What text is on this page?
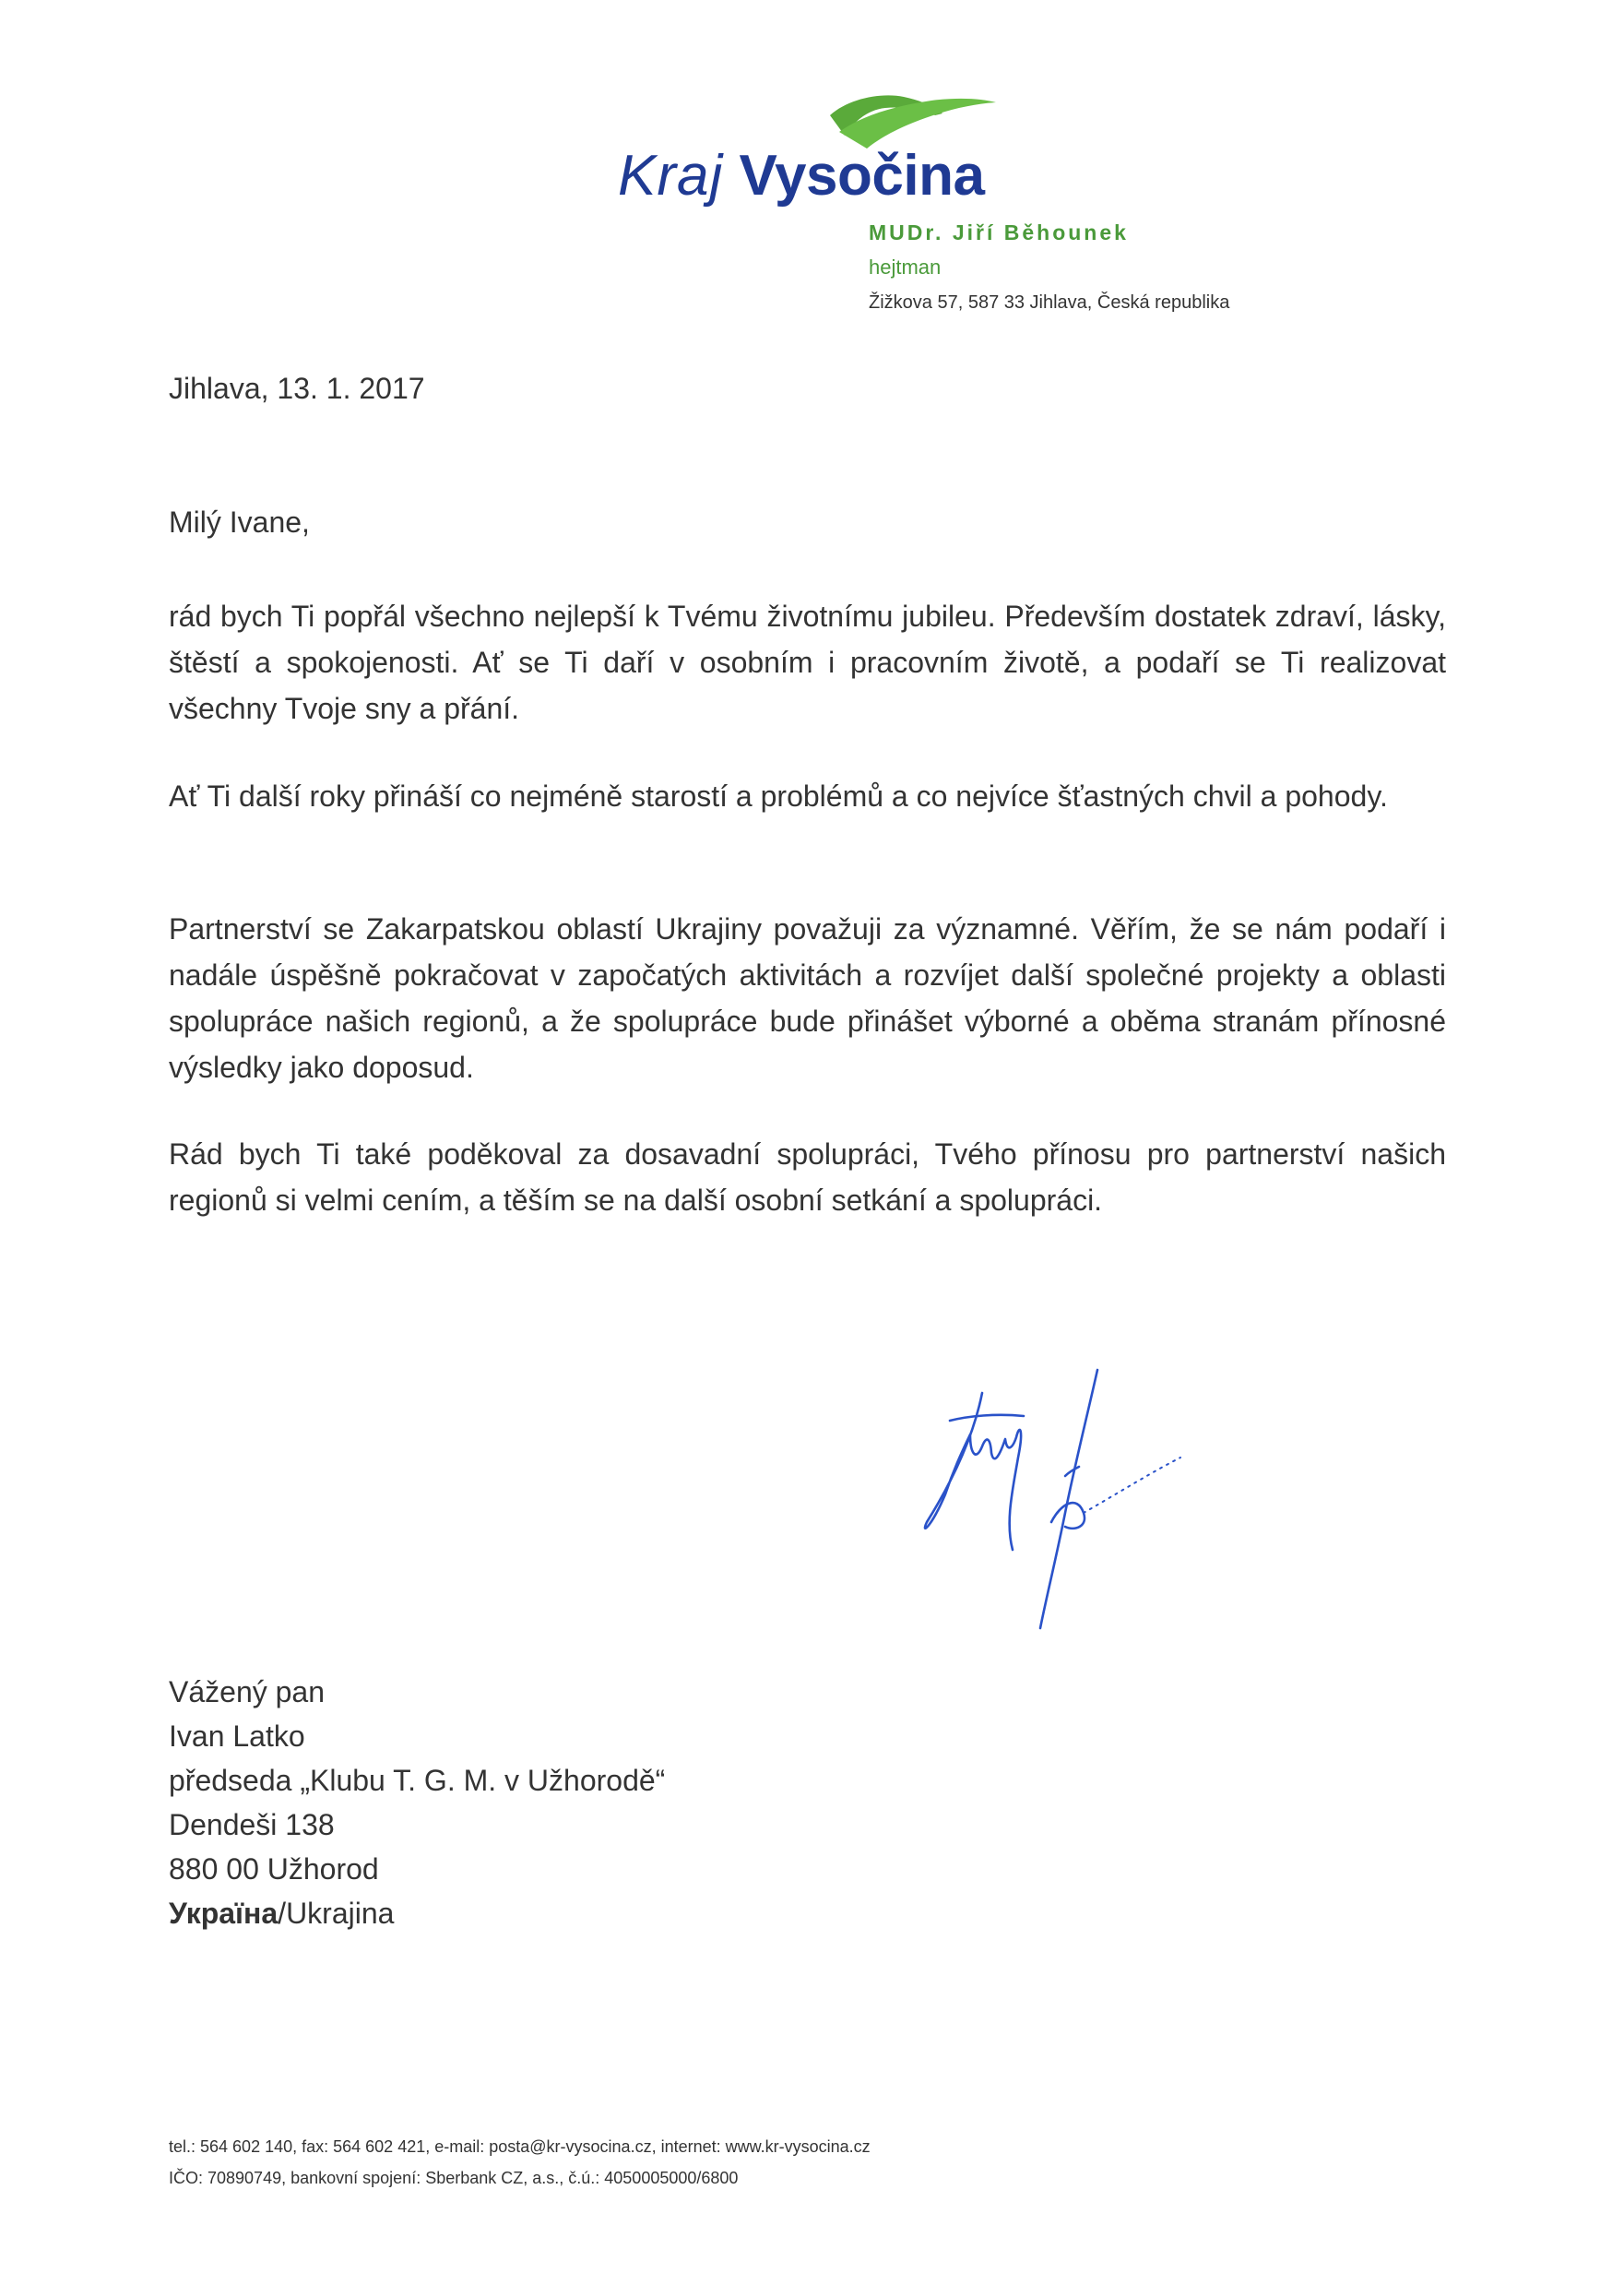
Kraj Vysočina
MUDr. Jiří Běhounek
hejtman
Žižkova 57, 587 33 Jihlava, Česká republika
Jihlava, 13. 1. 2017
Milý Ivane,

rád bych Ti popřál všechno nejlepší k Tvému životnímu jubileu. Především dostatek zdraví, lásky, štěstí a spokojenosti. Ať se Ti daří v osobním i pracovním životě, a podaří se Ti realizovat všechny Tvoje sny a přání.

Ať Ti další roky přináší co nejméně starostí a problémů a co nejvíce šťastných chvil a pohody.

Partnerství se Zakarpatskou oblastí Ukrajiny považuji za významné. Věřím, že se nám podaří i nadále úspěšně pokračovat v započatých aktivitách a rozvíjet další společné projekty a oblasti spolupráce našich regionů, a že spolupráce bude přinášet výborné a oběma stranám přínosné výsledky jako doposud.

Rád bych Ti také poděkoval za dosavadní spolupráci, Tvého přínosu pro partnerství našich regionů si velmi cením, a těším se na další osobní setkání a spolupráci.

Vážený pan
Ivan Latko
předseda „Klubu T. G. M. v Užhorodě“
Dendeši 138
880 00 Užhorod
Україна/Ukrajina
tel.: 564 602 140, fax: 564 602 421, e-mail: posta@kr-vysocina.cz, internet: www.kr-vysocina.cz
IČO: 70890749, bankovní spojení: Sberbank CZ, a.s., č.ú.: 4050005000/6800
